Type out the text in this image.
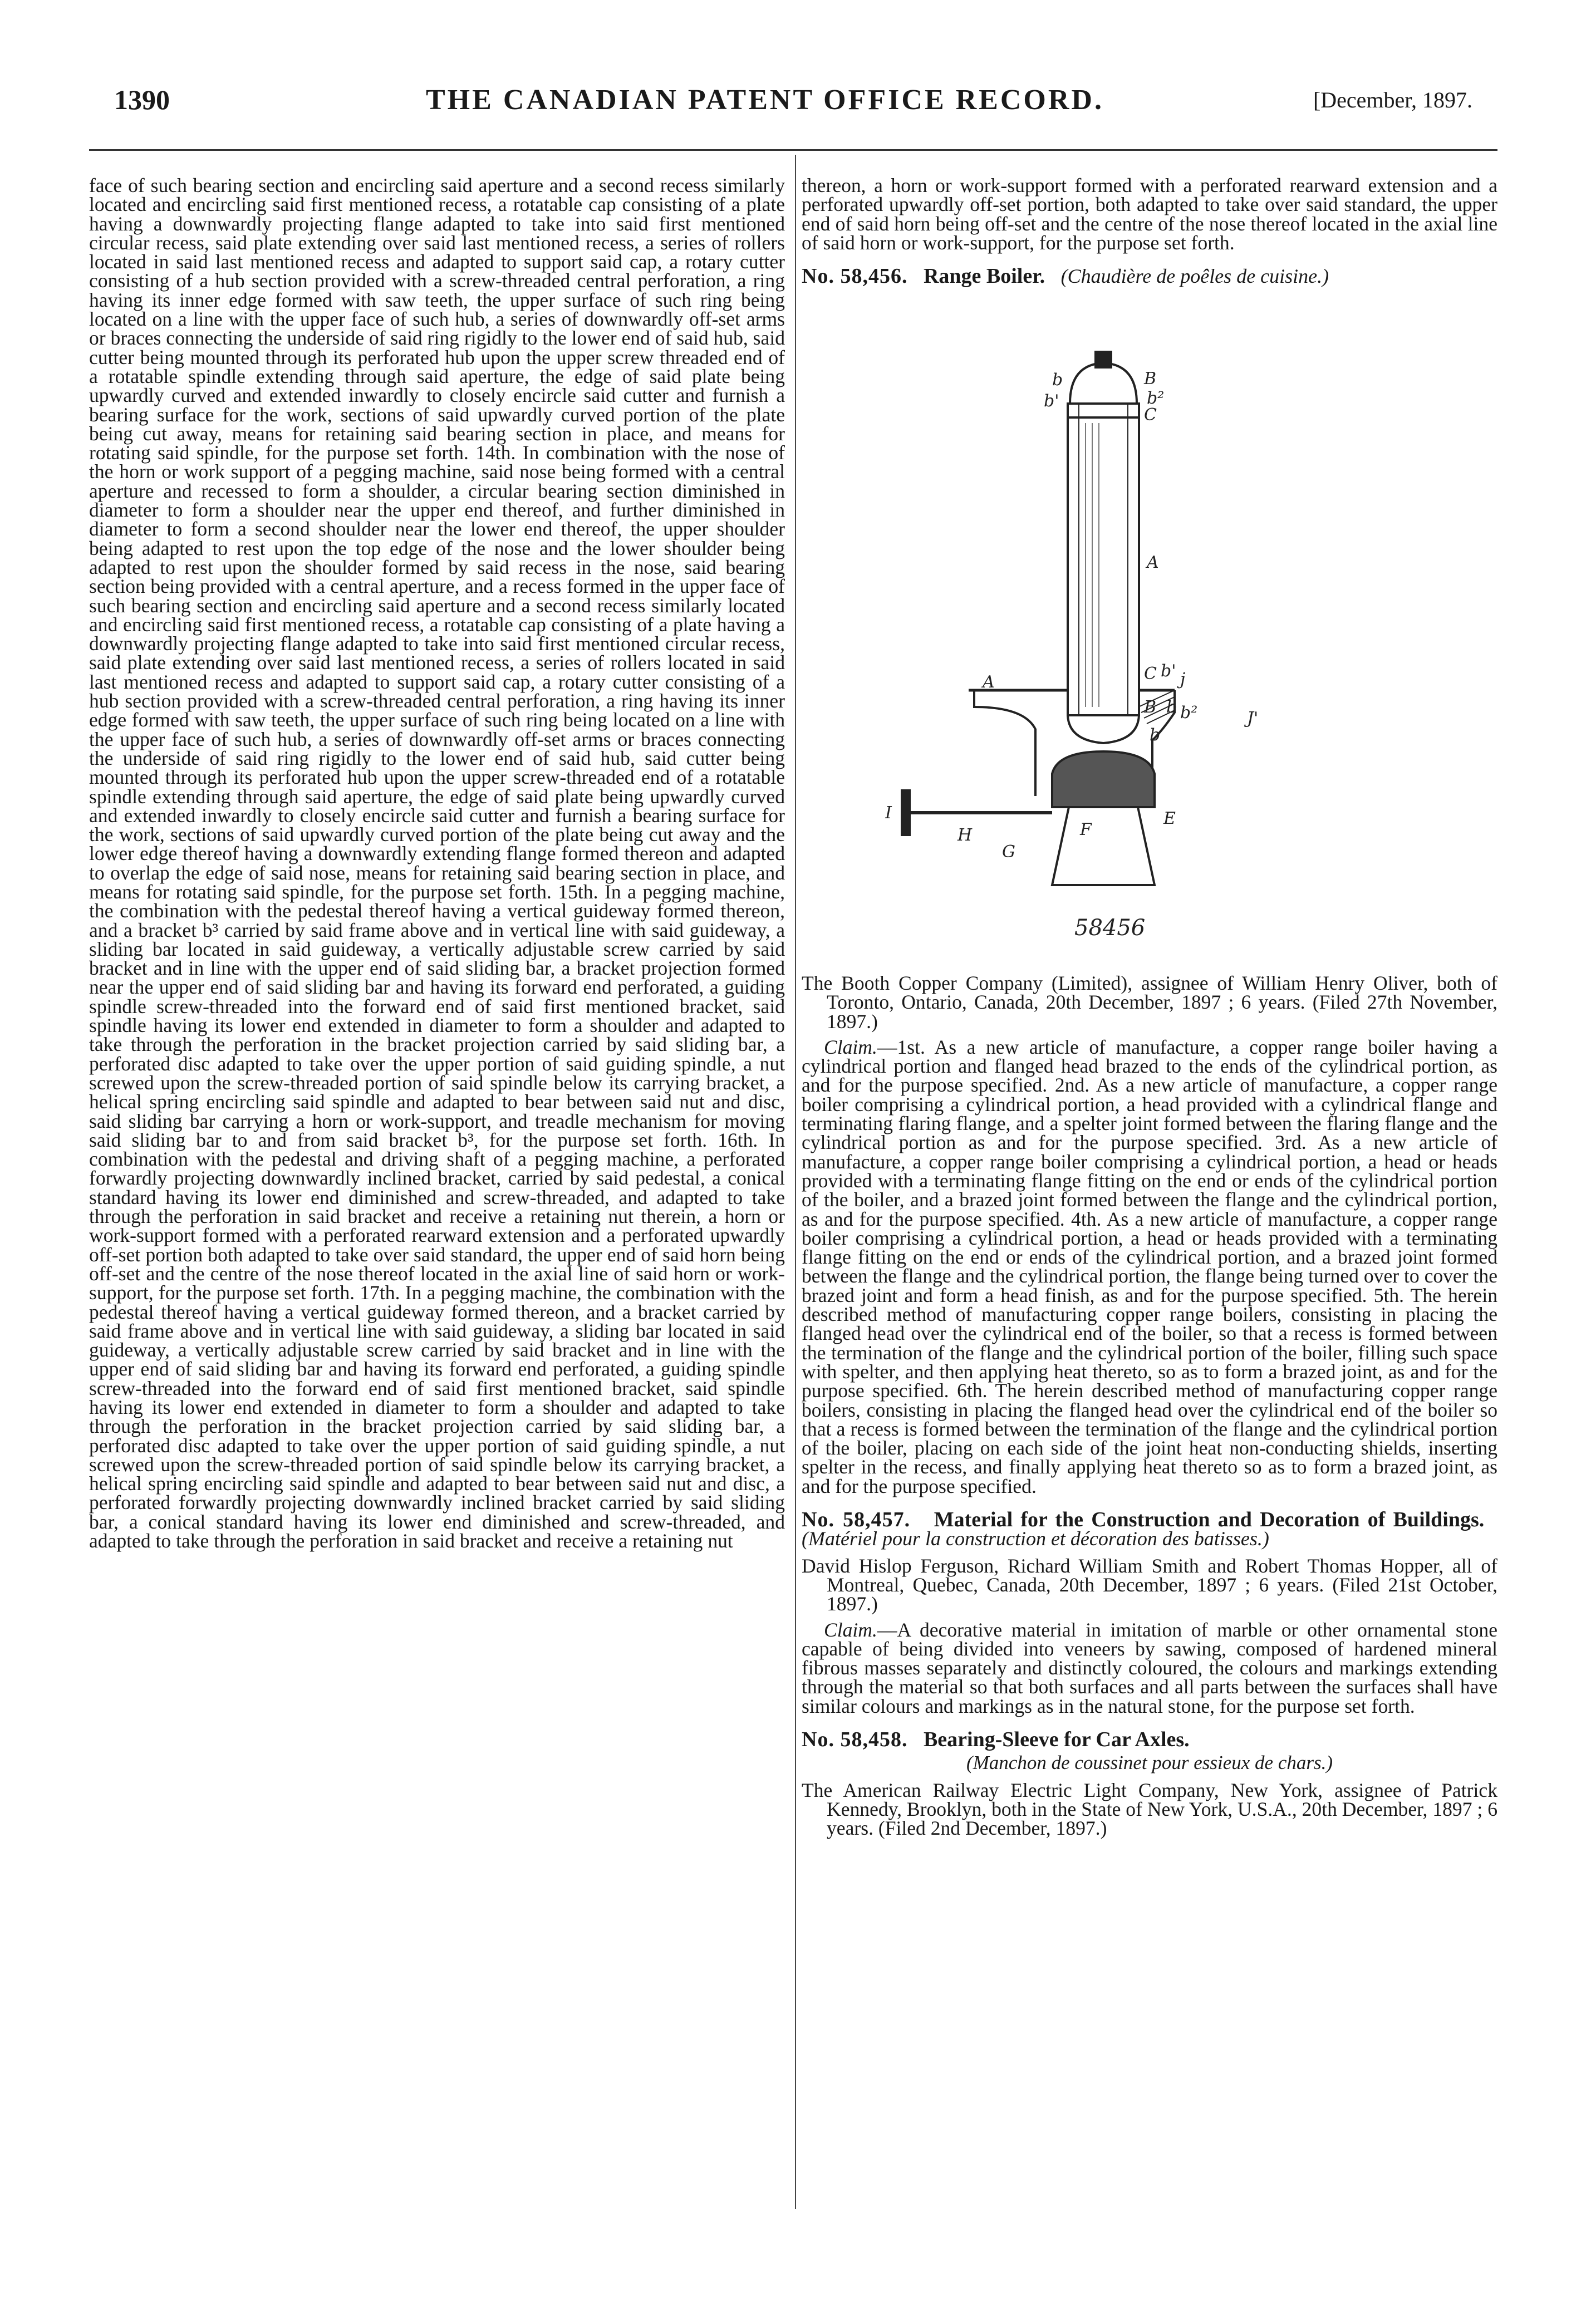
1390	THE CANADIAN PATENT OFFICE RECORD.	[December, 1897.

face of such bearing section and encircling said aperture and a second recess similarly located and encircling said first mentioned recess, a rotatable cap consisting of a plate having a downwardly projecting flange adapted to take into said first mentioned circular recess, said plate extending over said last mentioned recess, a series of rollers located in said last mentioned recess and adapted to support said cap, a rotary cutter consisting of a hub section provided with a screw-threaded central perforation, a ring having its inner edge formed with saw teeth, the upper surface of such ring being located on a line with the upper face of such hub, a series of downwardly off-set arms or braces connecting the underside of said ring rigidly to the lower end of said hub, said cutter being mounted through its perforated hub upon the upper screw threaded end of a rotatable spindle extending through said aperture, the edge of said plate being upwardly curved and extended inwardly to closely encircle said cutter and furnish a bearing surface for the work, sections of said upwardly curved portion of the plate being cut away, means for retaining said bearing section in place, and means for rotating said spindle, for the purpose set forth. 14th. In combination with the nose of the horn or work support of a pegging machine, said nose being formed with a central aperture and recessed to form a shoulder, a circular bearing section diminished in diameter to form a shoulder near the upper end thereof, and further diminished in diameter to form a second shoulder near the lower end thereof, the upper shoulder being adapted to rest upon the top edge of the nose and the lower shoulder being adapted to rest upon the shoulder formed by said recess in the nose, said bearing section being provided with a central aperture, and a recess formed in the upper face of such bearing section and encircling said aperture and a second recess similarly located and encircling said first mentioned recess, a rotatable cap consisting of a plate having a downwardly projecting flange adapted to take into said first mentioned circular recess, said plate extending over said last mentioned recess, a series of rollers located in said last mentioned recess and adapted to support said cap, a rotary cutter consisting of a hub section provided with a screw-threaded central perforation, a ring having its inner edge formed with saw teeth, the upper surface of such ring being located on a line with the upper face of such hub, a series of downwardly off-set arms or braces connecting the underside of said ring rigidly to the lower end of said hub, said cutter being mounted through its perforated hub upon the upper screw-threaded end of a rotatable spindle extending through said aperture, the edge of said plate being upwardly curved and extended inwardly to closely encircle said cutter and furnish a bearing surface for the work, sections of said upwardly curved portion of the plate being cut away and the lower edge thereof having a downwardly extending flange formed thereon and adapted to overlap the edge of said nose, means for retaining said bearing section in place, and means for rotating said spindle, for the purpose set forth. 15th. In a pegging machine, the combination with the pedestal thereof having a vertical guideway formed thereon, and a bracket b³ carried by said frame above and in vertical line with said guideway, a sliding bar located in said guideway, a vertically adjustable screw carried by said bracket and in line with the upper end of said sliding bar, a bracket projection formed near the upper end of said sliding bar and having its forward end perforated, a guiding spindle screw-threaded into the forward end of said first mentioned bracket, said spindle having its lower end extended in diameter to form a shoulder and adapted to take through the perforation in the bracket projection carried by said sliding bar, a perforated disc adapted to take over the upper portion of said guiding spindle, a nut screwed upon the screw-threaded portion of said spindle below its carrying bracket, a helical spring encircling said spindle and adapted to bear between said nut and disc, said sliding bar carrying a horn or work-support, and treadle mechanism for moving said sliding bar to and from said bracket b³, for the purpose set forth. 16th. In combination with the pedestal and driving shaft of a pegging machine, a perforated forwardly projecting downwardly inclined bracket, carried by said pedestal, a conical standard having its lower end diminished and screw-threaded, and adapted to take through the perforation in said bracket and receive a retaining nut therein, a horn or work-support formed with a perforated rearward extension and a perforated upwardly off-set portion both adapted to take over said standard, the upper end of said horn being off-set and the centre of the nose thereof located in the axial line of said horn or work-support, for the purpose set forth. 17th. In a pegging machine, the combination with the pedestal thereof having a vertical guideway formed thereon, and a bracket carried by said frame above and in vertical line with said guideway, a sliding bar located in said guideway, a vertically adjustable screw carried by said bracket and in line with the upper end of said sliding bar and having its forward end perforated, a guiding spindle screw-threaded into the forward end of said first mentioned bracket, said spindle having its lower end extended in diameter to form a shoulder and adapted to take through the perforation in the bracket projection carried by said sliding bar, a perforated disc adapted to take over the upper portion of said guiding spindle, a nut screwed upon the screw-threaded portion of said spindle below its carrying bracket, a helical spring encircling said spindle and adapted to bear between said nut and disc, a perforated forwardly projecting downwardly inclined bracket carried by said sliding bar, a conical standard having its lower end diminished and screw-threaded, and adapted to take through the perforation in said bracket and receive a retaining nut

thereon, a horn or work-support formed with a perforated rearward extension and a perforated upwardly off-set portion, both adapted to take over said standard, the upper end of said horn being off-set and the centre of the nose thereof located in the axial line of said horn or work-support, for the purpose set forth.

No. 58,456. Range Boiler. (Chaudière de poêles de cuisine.)

b
b'
B
b²
C
A
A	C b' j
B b b²	J'
b
I
F
E
H
G
58456

The Booth Copper Company (Limited), assignee of William Henry Oliver, both of Toronto, Ontario, Canada, 20th December, 1897 ; 6 years. (Filed 27th November, 1897.)

Claim.—1st. As a new article of manufacture, a copper range boiler having a cylindrical portion and flanged head brazed to the ends of the cylindrical portion, as and for the purpose specified. 2nd. As a new article of manufacture, a copper range boiler comprising a cylindrical portion, a head provided with a cylindrical flange and terminating flaring flange, and a spelter joint formed between the flaring flange and the cylindrical portion as and for the purpose specified. 3rd. As a new article of manufacture, a copper range boiler comprising a cylindrical portion, a head or heads provided with a terminating flange fitting on the end or ends of the cylindrical portion of the boiler, and a brazed joint formed between the flange and the cylindrical portion, as and for the purpose specified. 4th. As a new article of manufacture, a copper range boiler comprising a cylindrical portion, a head or heads provided with a terminating flange fitting on the end or ends of the cylindrical portion, and a brazed joint formed between the flange and the cylindrical portion, the flange being turned over to cover the brazed joint and form a head finish, as and for the purpose specified. 5th. The herein described method of manufacturing copper range boilers, consisting in placing the flanged head over the cylindrical end of the boiler, so that a recess is formed between the termination of the flange and the cylindrical portion of the boiler, filling such space with spelter, and then applying heat thereto, so as to form a brazed joint, as and for the purpose specified. 6th. The herein described method of manufacturing copper range boilers, consisting in placing the flanged head over the cylindrical end of the boiler so that a recess is formed between the termination of the flange and the cylindrical portion of the boiler, placing on each side of the joint heat non-conducting shields, inserting spelter in the recess, and finally applying heat thereto so as to form a brazed joint, as and for the purpose specified.

No. 58,457. Material for the Construction and Decoration of Buildings.   (Matériel pour la construction et décoration des batisses.)

David Hislop Ferguson, Richard William Smith and Robert Thomas Hopper, all of Montreal, Quebec, Canada, 20th December, 1897 ; 6 years. (Filed 21st October, 1897.)

Claim.—A decorative material in imitation of marble or other ornamental stone capable of being divided into veneers by sawing, composed of hardened mineral fibrous masses separately and distinctly coloured, the colours and markings extending through the material so that both surfaces and all parts between the surfaces shall have similar colours and markings as in the natural stone, for the purpose set forth.

No. 58,458. Bearing-Sleeve for Car Axles.

(Manchon de coussinet pour essieux de chars.)

The American Railway Electric Light Company, New York, assignee of Patrick Kennedy, Brooklyn, both in the State of New York, U.S.A., 20th December, 1897 ; 6 years. (Filed 2nd December, 1897.)
